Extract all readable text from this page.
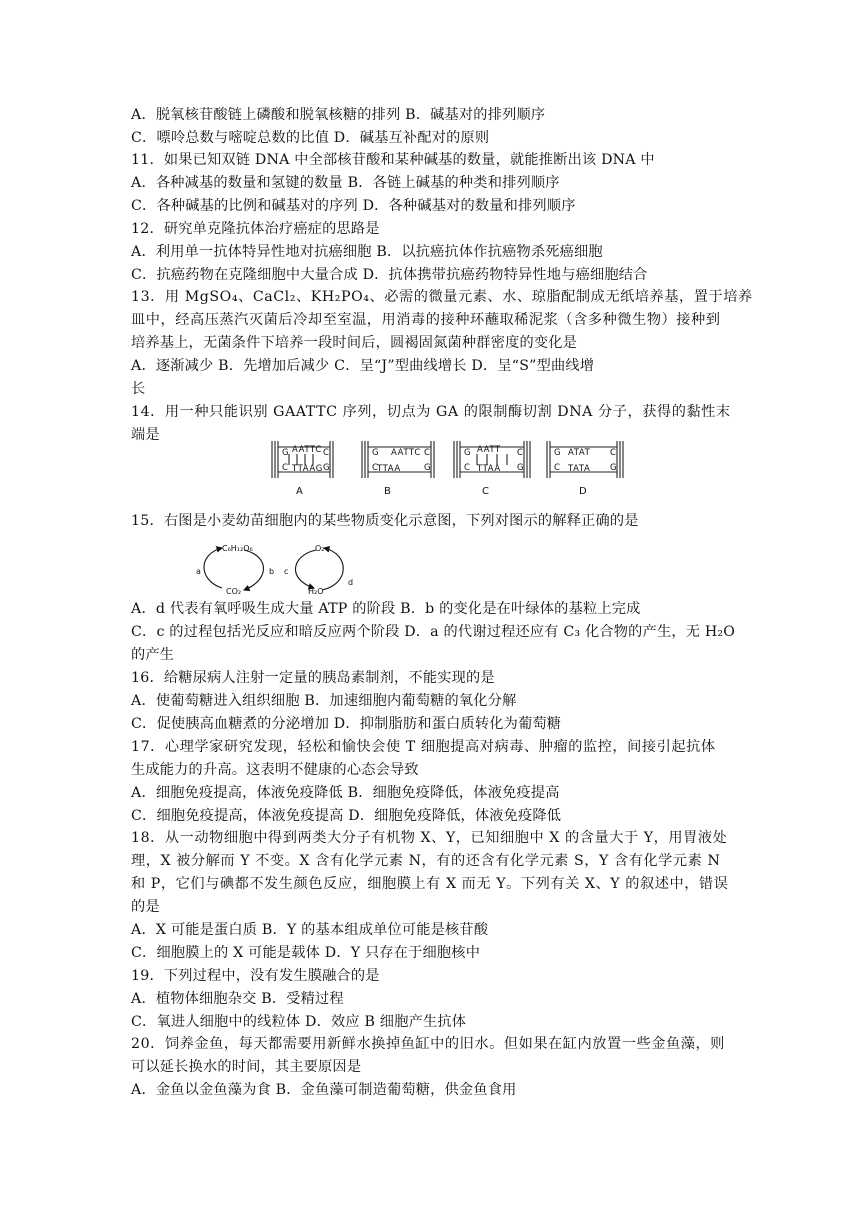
A．脱氧核苷酸链上磷酸和脱氧核糖的排列 B．碱基对的排列顺序
C．嘌呤总数与嘧啶总数的比值 D．碱基互补配对的原则
11．如果已知双链 DNA 中全部核苷酸和某种碱基的数量，就能推断出该 DNA 中
A．各种减基的数量和氢键的数量 B．各链上碱基的种类和排列顺序
C．各种碱基的比例和碱基对的序列 D．各种碱基对的数量和排列顺序
12．研究单克隆抗体治疗癌症的思路是
A．利用单一抗体特异性地对抗癌细胞 B．以抗癌抗体作抗癌物杀死癌细胞
C．抗癌药物在克隆细胞中大量合成 D．抗体携带抗癌药物特异性地与癌细胞结合
13．用 MgSO₄、CaCl₂、KH₂PO₄、必需的微量元素、水、琼脂配制成无纸培养基，置于培养
皿中，经高压蒸汽灭菌后冷却至室温，用消毒的接种环蘸取稀泥浆（含多种微生物）接种到
培养基上，无菌条件下培养一段时间后，圆褐固氮菌种群密度的变化是
A．逐渐减少 B．先增加后减少 C．呈“J”型曲线增长 D．呈“S”型曲线增
长
14．用一种只能识别 GAATTC 序列，切点为 GA 的限制酶切割 DNA 分子，获得的黏性末
端是
G
C
C
G
G
C
C
G
G
C
C
G
G
C
C
G
AATTC
TTAAG
AATTC
TTAA
AATT
TTAA
ATAT
TATA
A	B	C	D
15．右图是小麦幼苗细胞内的某些物质变化示意图，下列对图示的解释正确的是
C₆H₁₂O₆
CO₂
O₂
H₂O
a	b c
d
A．d 代表有氧呼吸生成大量 ATP 的阶段 B．b 的变化是在叶绿体的基粒上完成
C．c 的过程包括光反应和暗反应两个阶段 D．a 的代谢过程还应有 C₃ 化合物的产生，无 H₂O
的产生
16．给糖尿病人注射一定量的胰岛素制剂，不能实现的是
A．使葡萄糖进入组织细胞 B．加速细胞内葡萄糖的氧化分解
C．促使胰高血糖煮的分泌增加 D．抑制脂肪和蛋白质转化为葡萄糖
17．心理学家研究发现，轻松和愉快会使 T 细胞提高对病毒、肿瘤的监控，间接引起抗体
生成能力的升高。这表明不健康的心态会导致
A．细胞免疫提高，体液免疫降低 B．细胞免疫降低，体液免疫提高
C．细胞免疫提高，体液免疫提高 D．细胞免疫降低，体液免疫降低
18．从一动物细胞中得到两类大分子有机物 X、Y，已知细胞中 X 的含量大于 Y，用胃液处
理，X 被分解而 Y 不变。X 含有化学元素 N，有的还含有化学元素 S，Y 含有化学元素 N
和 P，它们与碘都不发生颜色反应，细胞膜上有 X 而无 Y。下列有关 X、Y 的叙述中，错误
的是
A．X 可能是蛋白质 B．Y 的基本组成单位可能是核苷酸
C．细胞膜上的 X 可能是载体 D．Y 只存在于细胞核中
19．下列过程中，没有发生膜融合的是
A．植物体细胞杂交 B．受精过程
C．氧进人细胞中的线粒体 D．效应 B 细胞产生抗体
20．饲养金鱼，每天都需要用新鲜水换掉鱼缸中的旧水。但如果在缸内放置一些金鱼藻，则
可以延长换水的时间，其主要原因是
A．金鱼以金鱼藻为食 B．金鱼藻可制造葡萄糖，供金鱼食用
